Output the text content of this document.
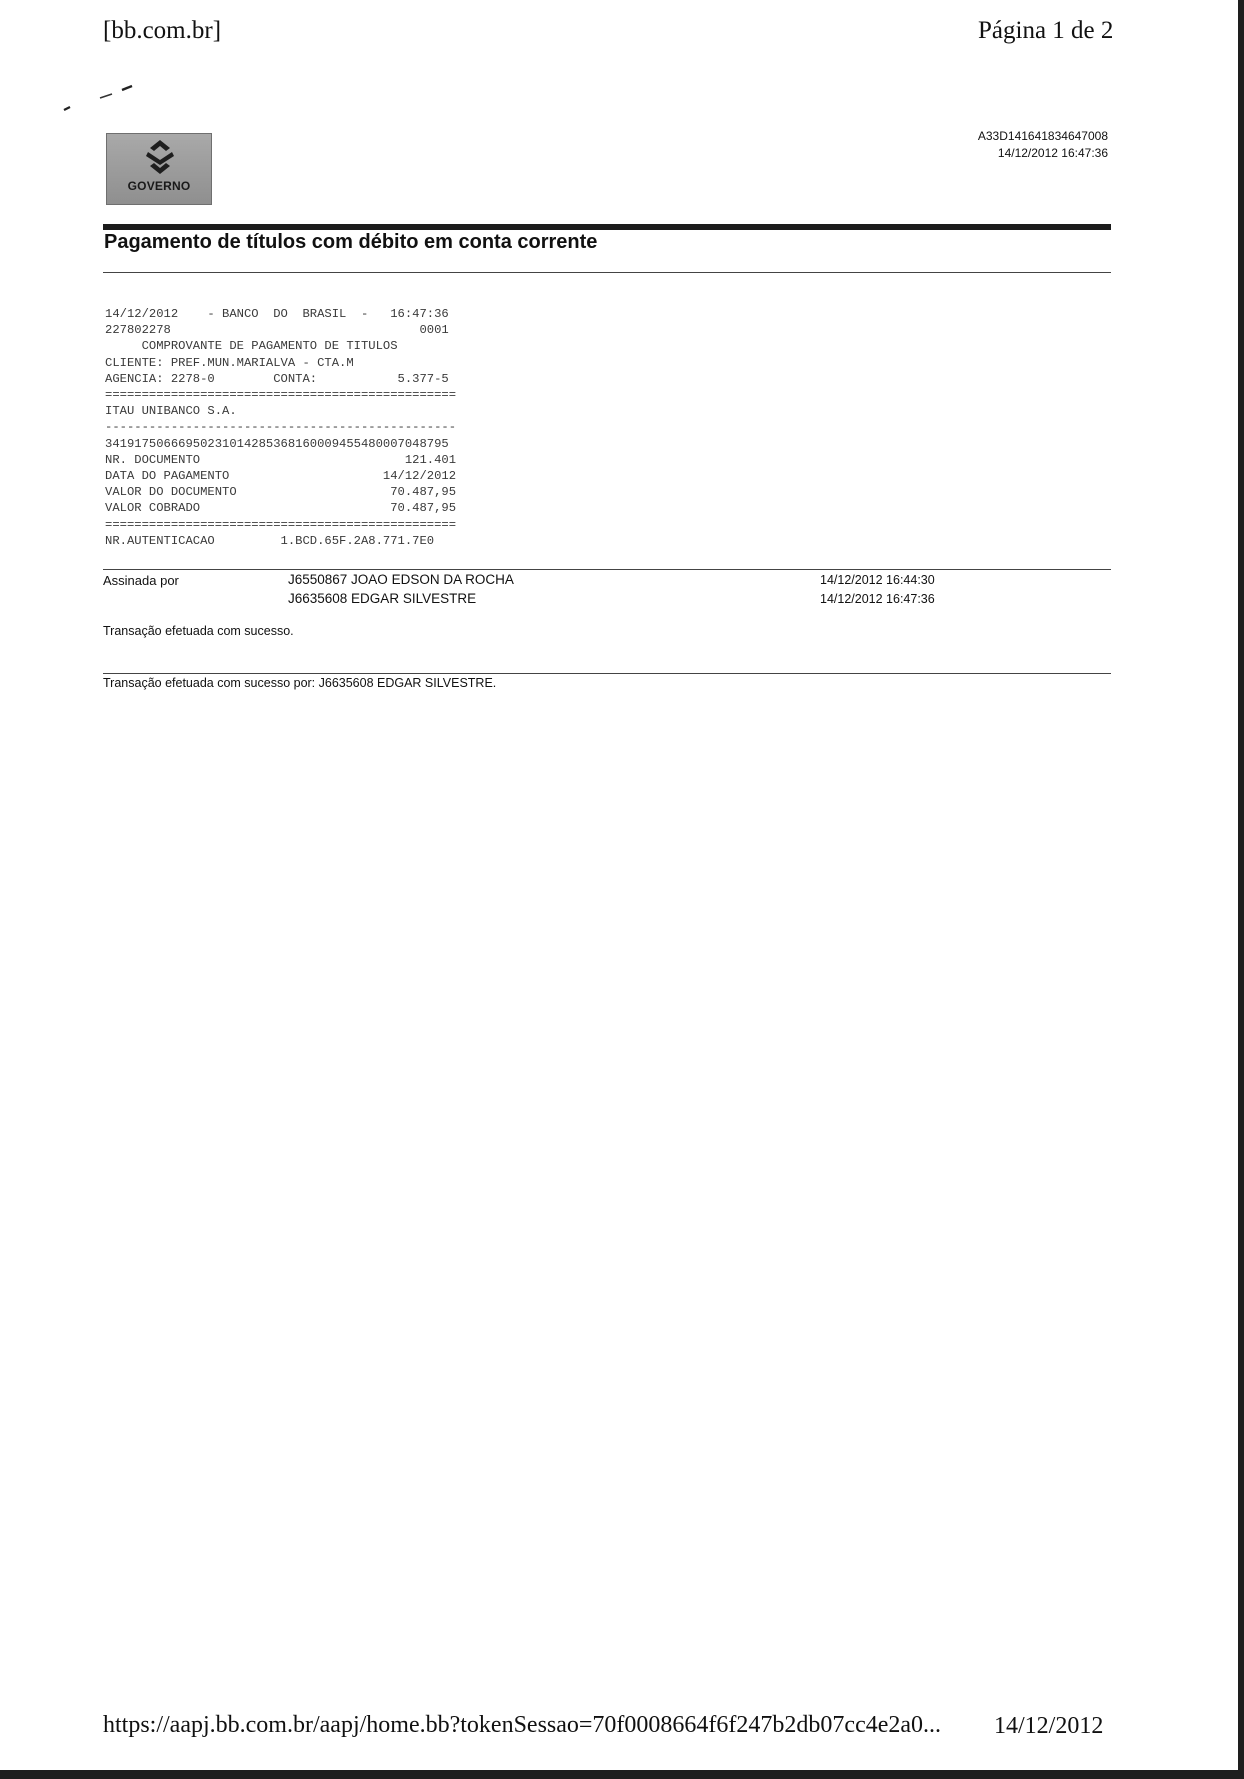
[bb.com.br]	Página 1 de 2
GOVERNO
A33D141641834647008
14/12/2012 16:47:36
Pagamento de títulos com débito em conta corrente
14/12/2012    - BANCO  DO  BRASIL  -   16:47:36
227802278                                  0001
COMPROVANTE DE PAGAMENTO DE TITULOS
CLIENTE: PREF.MUN.MARIALVA - CTA.M
AGENCIA: 2278-0        CONTA:           5.377-5
================================================
ITAU UNIBANCO S.A.
------------------------------------------------
34191750666950231014285368160009455480007048795
NR. DOCUMENTO                            121.401
DATA DO PAGAMENTO                     14/12/2012
VALOR DO DOCUMENTO                     70.487,95
VALOR COBRADO                          70.487,95
================================================
NR.AUTENTICACAO         1.BCD.65F.2A8.771.7E0
Assinada por	J6550867 JOAO EDSON DA ROCHA	14/12/2012 16:44:30
J6635608 EDGAR SILVESTRE	14/12/2012 16:47:36
Transação efetuada com sucesso.
Transação efetuada com sucesso por: J6635608 EDGAR SILVESTRE.
https://aapj.bb.com.br/aapj/home.bb?tokenSessao=70f0008664f6f247b2db07cc4e2a0... 14/12/2012
